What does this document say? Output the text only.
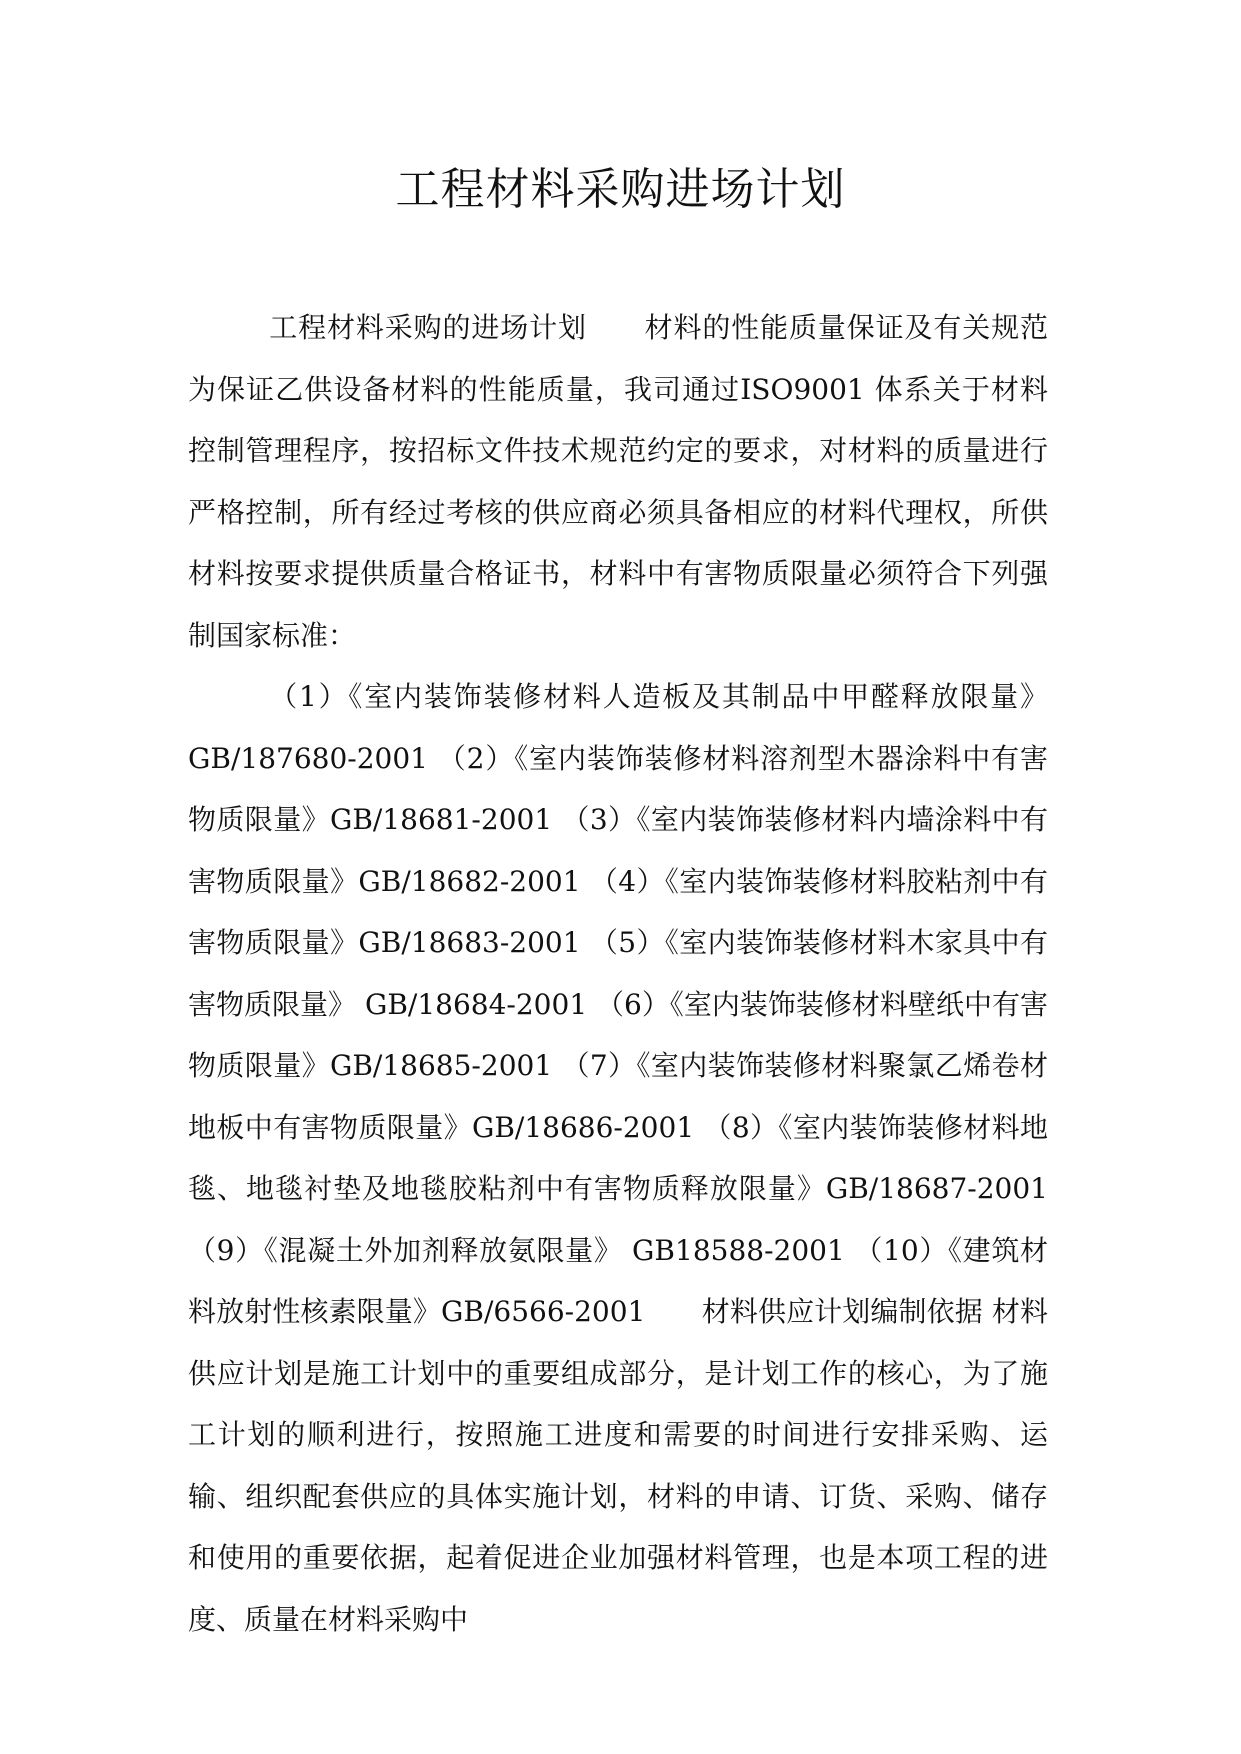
工程材料采购进场计划

工程材料采购的进场计划　　材料的性能质量保证及有关规范 为保证乙供设备材料的性能质量，我司通过ISO9001 体系关于材料控制管理程序，按招标文件技术规范约定的要求，对材料的质量进行严格控制，所有经过考核的供应商必须具备相应的材料代理权，所供材料按要求提供质量合格证书，材料中有害物质限量必须符合下列强制国家标准：

（1）《室内装饰装修材料人造板及其制品中甲醛释放限量》GB/187680-2001 （2）《室内装饰装修材料溶剂型木器涂料中有害物质限量》GB/18681-2001 （3）《室内装饰装修材料内墙涂料中有害物质限量》GB/18682-2001 （4）《室内装饰装修材料胶粘剂中有害物质限量》GB/18683-2001 （5）《室内装饰装修材料木家具中有害物质限量》 GB/18684-2001 （6）《室内装饰装修材料壁纸中有害物质限量》GB/18685-2001 （7）《室内装饰装修材料聚氯乙烯卷材地板中有害物质限量》GB/18686-2001 （8）《室内装饰装修材料地毯、地毯衬垫及地毯胶粘剂中有害物质释放限量》GB/18687-2001 （9）《混凝土外加剂释放氨限量》 GB18588-2001 （10）《建筑材料放射性核素限量》GB/6566-2001　　材料供应计划编制依据 材料供应计划是施工计划中的重要组成部分，是计划工作的核心，为了施工计划的顺利进行，按照施工进度和需要的时间进行安排采购、运输、组织配套供应的具体实施计划，材料的申请、订货、采购、储存和使用的重要依据，起着促进企业加强材料管理，也是本项工程的进度、质量在材料采购中
